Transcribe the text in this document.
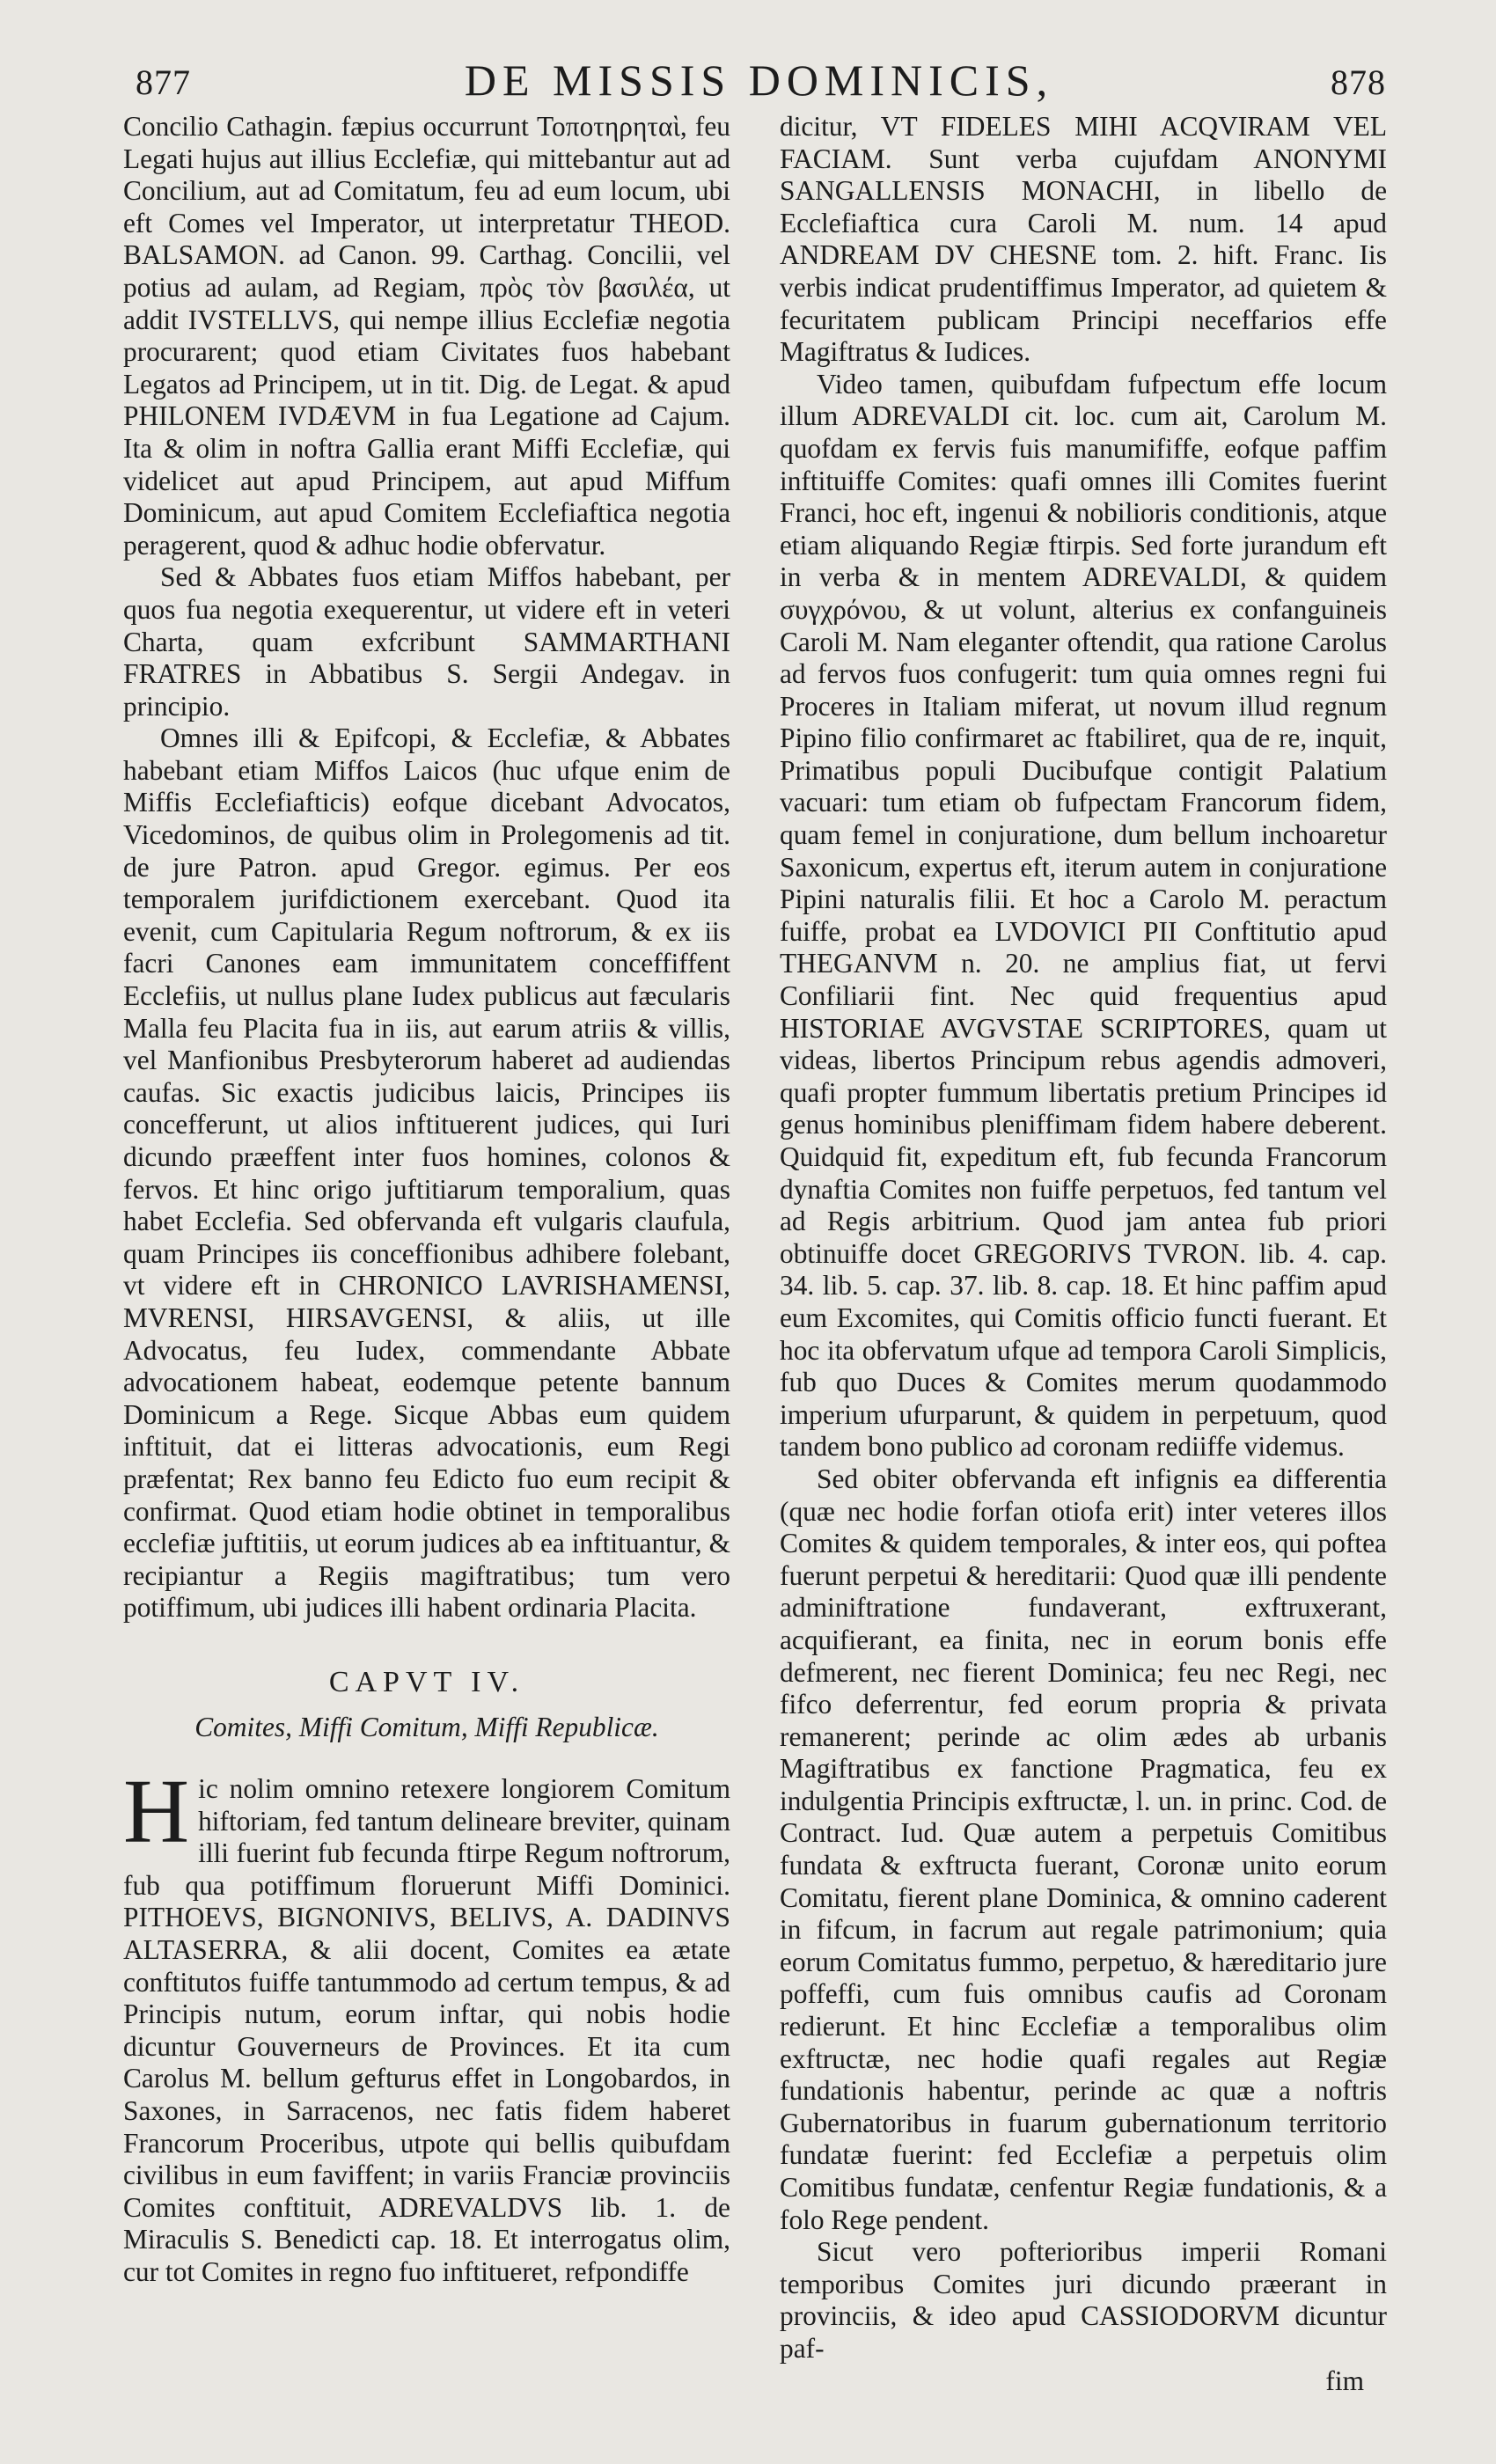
877	DE MISSIS DOMINICIS,	878

Concilio Cathagin. fæpius occurrunt Τοποτηρηταὶ, feu Legati hujus aut illius Ecclefiæ, qui mittebantur aut ad Concilium, aut ad Comitatum, feu ad eum locum, ubi eft Comes vel Imperator, ut interpretatur THEOD. BALSAMON. ad Canon. 99. Carthag. Concilii, vel potius ad aulam, ad Regiam, πρὸς τὸν βασιλέα, ut addit IVSTELLVS, qui nempe illius Ecclefiæ negotia procurarent; quod etiam Civitates fuos habebant Legatos ad Principem, ut in tit. Dig. de Legat. & apud PHILONEM IVDÆVM in fua Legatione ad Cajum. Ita & olim in noftra Gallia erant Miffi Ecclefiæ, qui videlicet aut apud Principem, aut apud Miffum Dominicum, aut apud Comitem Ecclefiaftica negotia peragerent, quod & adhuc hodie obfervatur.

Sed & Abbates fuos etiam Miffos habebant, per quos fua negotia exequerentur, ut videre eft in veteri Charta, quam exfcribunt SAMMARTHANI FRATRES in Abbatibus S. Sergii Andegav. in principio.

Omnes illi & Epifcopi, & Ecclefiæ, & Abbates habebant etiam Miffos Laicos (huc ufque enim de Miffis Ecclefiafticis) eofque dicebant Advocatos, Vicedominos, de quibus olim in Prolegomenis ad tit. de jure Patron. apud Gregor. egimus. Per eos temporalem jurifdictionem exercebant. Quod ita evenit, cum Capitularia Regum noftrorum, & ex iis facri Canones eam immunitatem conceffiffent Ecclefiis, ut nullus plane Iudex publicus aut fæcularis Malla feu Placita fua in iis, aut earum atriis & villis, vel Manfionibus Presbyterorum haberet ad audiendas caufas. Sic exactis judicibus laicis, Principes iis concefferunt, ut alios inftituerent judices, qui Iuri dicundo præeffent inter fuos homines, colonos & fervos. Et hinc origo juftitiarum temporalium, quas habet Ecclefia. Sed obfervanda eft vulgaris claufula, quam Principes iis conceffionibus adhibere folebant, vt videre eft in CHRONICO LAVRISHAMENSI, MVRENSI, HIRSAVGENSI, & aliis, ut ille Advocatus, feu Iudex, commendante Abbate advocationem habeat, eodemque petente bannum Dominicum a Rege. Sicque Abbas eum quidem inftituit, dat ei litteras advocationis, eum Regi præfentat; Rex banno feu Edicto fuo eum recipit & confirmat. Quod etiam hodie obtinet in temporalibus ecclefiæ juftitiis, ut eorum judices ab ea inftituantur, & recipiantur a Regiis magiftratibus; tum vero potiffimum, ubi judices illi habent ordinaria Placita.

CAPVT IV.
Comites, Miffi Comitum, Miffi Republicæ.

Hic nolim omnino retexere longiorem Comitum hiftoriam, fed tantum delineare breviter, quinam illi fuerint fub fecunda ftirpe Regum noftrorum, fub qua potiffimum floruerunt Miffi Dominici. PITHOEVS, BIGNONIVS, BELIVS, A. DADINVS ALTASERRA, & alii docent, Comites ea ætate conftitutos fuiffe tantummodo ad certum tempus, & ad Principis nutum, eorum inftar, qui nobis hodie dicuntur Gouverneurs de Provinces. Et ita cum Carolus M. bellum gefturus effet in Longobardos, in Saxones, in Sarracenos, nec fatis fidem haberet Francorum Proceribus, utpote qui bellis quibufdam civilibus in eum faviffent; in variis Franciæ provinciis Comites conftituit, ADREVALDVS lib. 1. de Miraculis S. Benedicti cap. 18. Et interrogatus olim, cur tot Comites in regno fuo inftitueret, refpondiffe

dicitur, VT FIDELES MIHI ACQVIRAM VEL FACIAM. Sunt verba cujufdam ANONYMI SANGALLENSIS MONACHI, in libello de Ecclefiaftica cura Caroli M. num. 14 apud ANDREAM DV CHESNE tom. 2. hift. Franc. Iis verbis indicat prudentiffimus Imperator, ad quietem & fecuritatem publicam Principi neceffarios effe Magiftratus & Iudices.

Video tamen, quibufdam fufpectum effe locum illum ADREVALDI cit. loc. cum ait, Carolum M. quofdam ex fervis fuis manumififfe, eofque paffim inftituiffe Comites: quafi omnes illi Comites fuerint Franci, hoc eft, ingenui & nobilioris conditionis, atque etiam aliquando Regiæ ftirpis. Sed forte jurandum eft in verba & in mentem ADREVALDI, & quidem συγχρόνου, & ut volunt, alterius ex confanguineis Caroli M. Nam eleganter oftendit, qua ratione Carolus ad fervos fuos confugerit: tum quia omnes regni fui Proceres in Italiam miferat, ut novum illud regnum Pipino filio confirmaret ac ftabiliret, qua de re, inquit, Primatibus populi Ducibufque contigit Palatium vacuari: tum etiam ob fufpectam Francorum fidem, quam femel in conjuratione, dum bellum inchoaretur Saxonicum, expertus eft, iterum autem in conjuratione Pipini naturalis filii. Et hoc a Carolo M. peractum fuiffe, probat ea LVDOVICI PII Conftitutio apud THEGANVM n. 20. ne amplius fiat, ut fervi Confiliarii fint. Nec quid frequentius apud HISTORIAE AVGVSTAE SCRIPTORES, quam ut videas, libertos Principum rebus agendis admoveri, quafi propter fummum libertatis pretium Principes id genus hominibus pleniffimam fidem habere deberent. Quidquid fit, expeditum eft, fub fecunda Francorum dynaftia Comites non fuiffe perpetuos, fed tantum vel ad Regis arbitrium. Quod jam antea fub priori obtinuiffe docet GREGORIVS TVRON. lib. 4. cap. 34. lib. 5. cap. 37. lib. 8. cap. 18. Et hinc paffim apud eum Excomites, qui Comitis officio functi fuerant. Et hoc ita obfervatum ufque ad tempora Caroli Simplicis, fub quo Duces & Comites merum quodammodo imperium ufurparunt, & quidem in perpetuum, quod tandem bono publico ad coronam rediiffe videmus.

Sed obiter obfervanda eft infignis ea differentia (quæ nec hodie forfan otiofa erit) inter veteres illos Comites & quidem temporales, & inter eos, qui poftea fuerunt perpetui & hereditarii: Quod quæ illi pendente adminiftratione fundaverant, exftruxerant, acquifierant, ea finita, nec in eorum bonis effe defmerent, nec fierent Dominica; feu nec Regi, nec fifco deferrentur, fed eorum propria & privata remanerent; perinde ac olim ædes ab urbanis Magiftratibus ex fanctione Pragmatica, feu ex indulgentia Principis exftructæ, l. un. in princ. Cod. de Contract. Iud. Quæ autem a perpetuis Comitibus fundata & exftructa fuerant, Coronæ unito eorum Comitatu, fierent plane Dominica, & omnino caderent in fifcum, in facrum aut regale patrimonium; quia eorum Comitatus fummo, perpetuo, & hæreditario jure poffeffi, cum fuis omnibus caufis ad Coronam redierunt. Et hinc Ecclefiæ a temporalibus olim exftructæ, nec hodie quafi regales aut Regiæ fundationis habentur, perinde ac quæ a noftris Gubernatoribus in fuarum gubernationum territorio fundatæ fuerint: fed Ecclefiæ a perpetuis olim Comitibus fundatæ, cenfentur Regiæ fundationis, & a folo Rege pendent.

Sicut vero pofterioribus imperii Romani temporibus Comites juri dicundo præerant in provinciis, & ideo apud CASSIODORVM dicuntur paf-

fim
